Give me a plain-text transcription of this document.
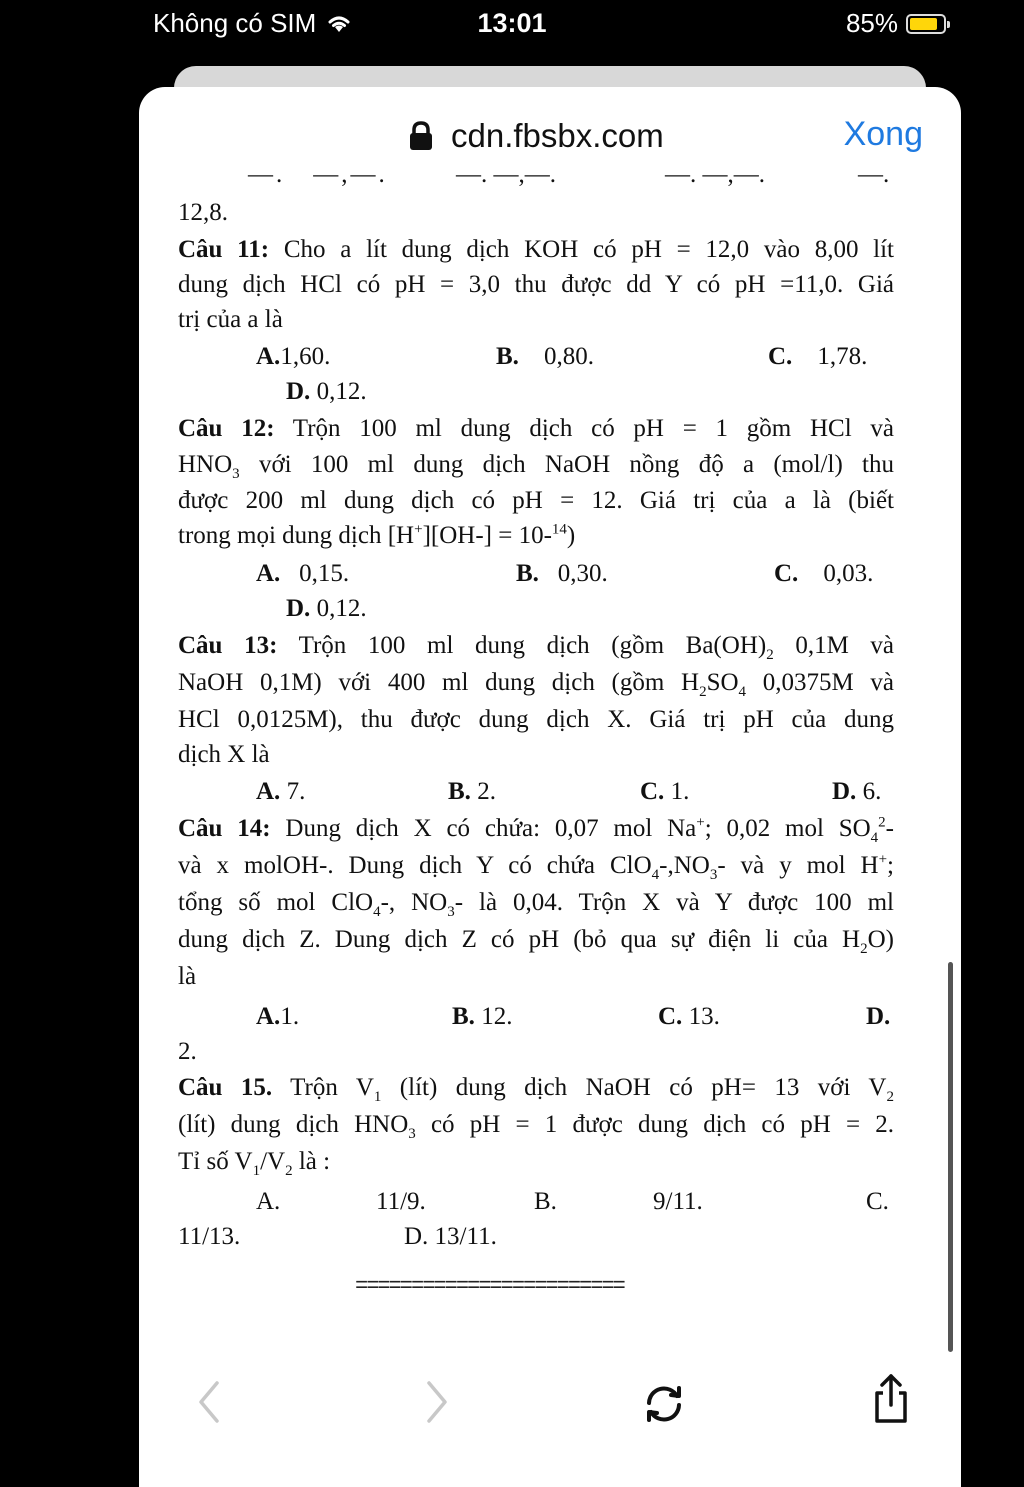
Không có SIM	13:01	85%
cdn.fbsbx.com	Xong
―. ―,―.	―. ―,―.	―. ―,―.	―.
12,8.
Câu 11: Cho a lít dung dịch KOH có pH = 12,0 vào 8,00 lít
dung dịch HCl có pH = 3,0 thu được dd Y có pH =11,0. Giá
trị của a là
A.1,60.	B. 0,80.	C. 1,78.
D. 0,12.
Câu 12: Trộn 100 ml dung dịch có pH = 1 gồm HCl và
$HNO_3$ với 100 ml dung dịch NaOH nồng độ a (mol/l) thu
được 200 ml dung dịch có pH = 12. Giá trị của a là (biết
trong mọi dung dịch [H+][OH-] = 10-$^{14}$)
A. 0,15.	B. 0,30.	C. 0,03.
D. 0,12.
Câu 13: Trộn 100 ml dung dịch (gồm $Ba(OH)_2$ 0,1M và
NaOH 0,1M) với 400 ml dung dịch (gồm $H_2SO_4$ 0,0375M và
HCl 0,0125M), thu được dung dịch X. Giá trị pH của dung
dịch X là
A. 7.	B. 2.	C. 1.	D. 6.
Câu 14: Dung dịch X có chứa: 0,07 mol Na+; 0,02 mol $SO_4^2-$
và x molOH-. Dung dịch Y có chứa $ClO_4-,NO_3-$ và y mol H+;
tổng số mol ClO$_4$-, $NO_3-$ là 0,04. Trộn X và Y được 100 ml
dung dịch Z. Dung dịch Z có pH (bỏ qua sự điện li của $H_2O$)
là
A.1.	B. 12.	C. 13.	D.
2.
Câu 15. Trộn $V_1$ (lít) dung dịch NaOH có pH= 13 với $V_2$
(lít) dung dịch $HNO_3$ có pH = 1 được dung dịch có pH = 2.
Tỉ số $V_1/V_2$ là :
A.	11/9.	B.	9/11.	C.
11/13.	D. 13/11.
========================
